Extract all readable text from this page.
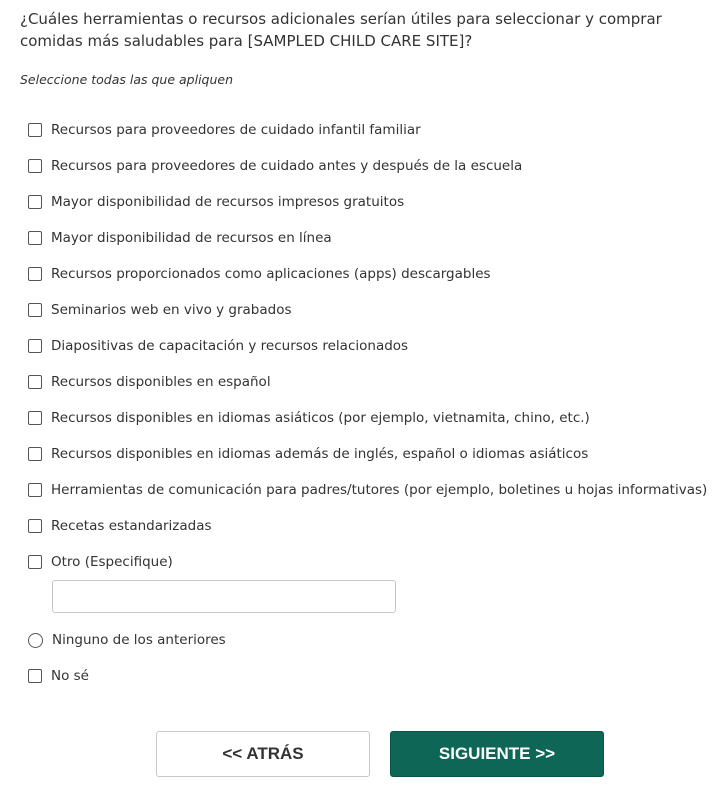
¿Cuáles herramientas o recursos adicionales serían útiles para seleccionar y comprar comidas más saludables para [SAMPLED CHILD CARE SITE]?
Seleccione todas las que apliquen
Recursos para proveedores de cuidado infantil familiar
Recursos para proveedores de cuidado antes y después de la escuela
Mayor disponibilidad de recursos impresos gratuitos
Mayor disponibilidad de recursos en línea
Recursos proporcionados como aplicaciones (apps) descargables
Seminarios web en vivo y grabados
Diapositivas de capacitación y recursos relacionados
Recursos disponibles en español
Recursos disponibles en idiomas asiáticos (por ejemplo, vietnamita, chino, etc.)
Recursos disponibles en idiomas además de inglés, español o idiomas asiáticos
Herramientas de comunicación para padres/tutores (por ejemplo, boletines u hojas informativas)
Recetas estandarizadas
Otro (Especifique)
Ninguno de los anteriores
No sé
<< ATRÁS	SIGUIENTE >>
